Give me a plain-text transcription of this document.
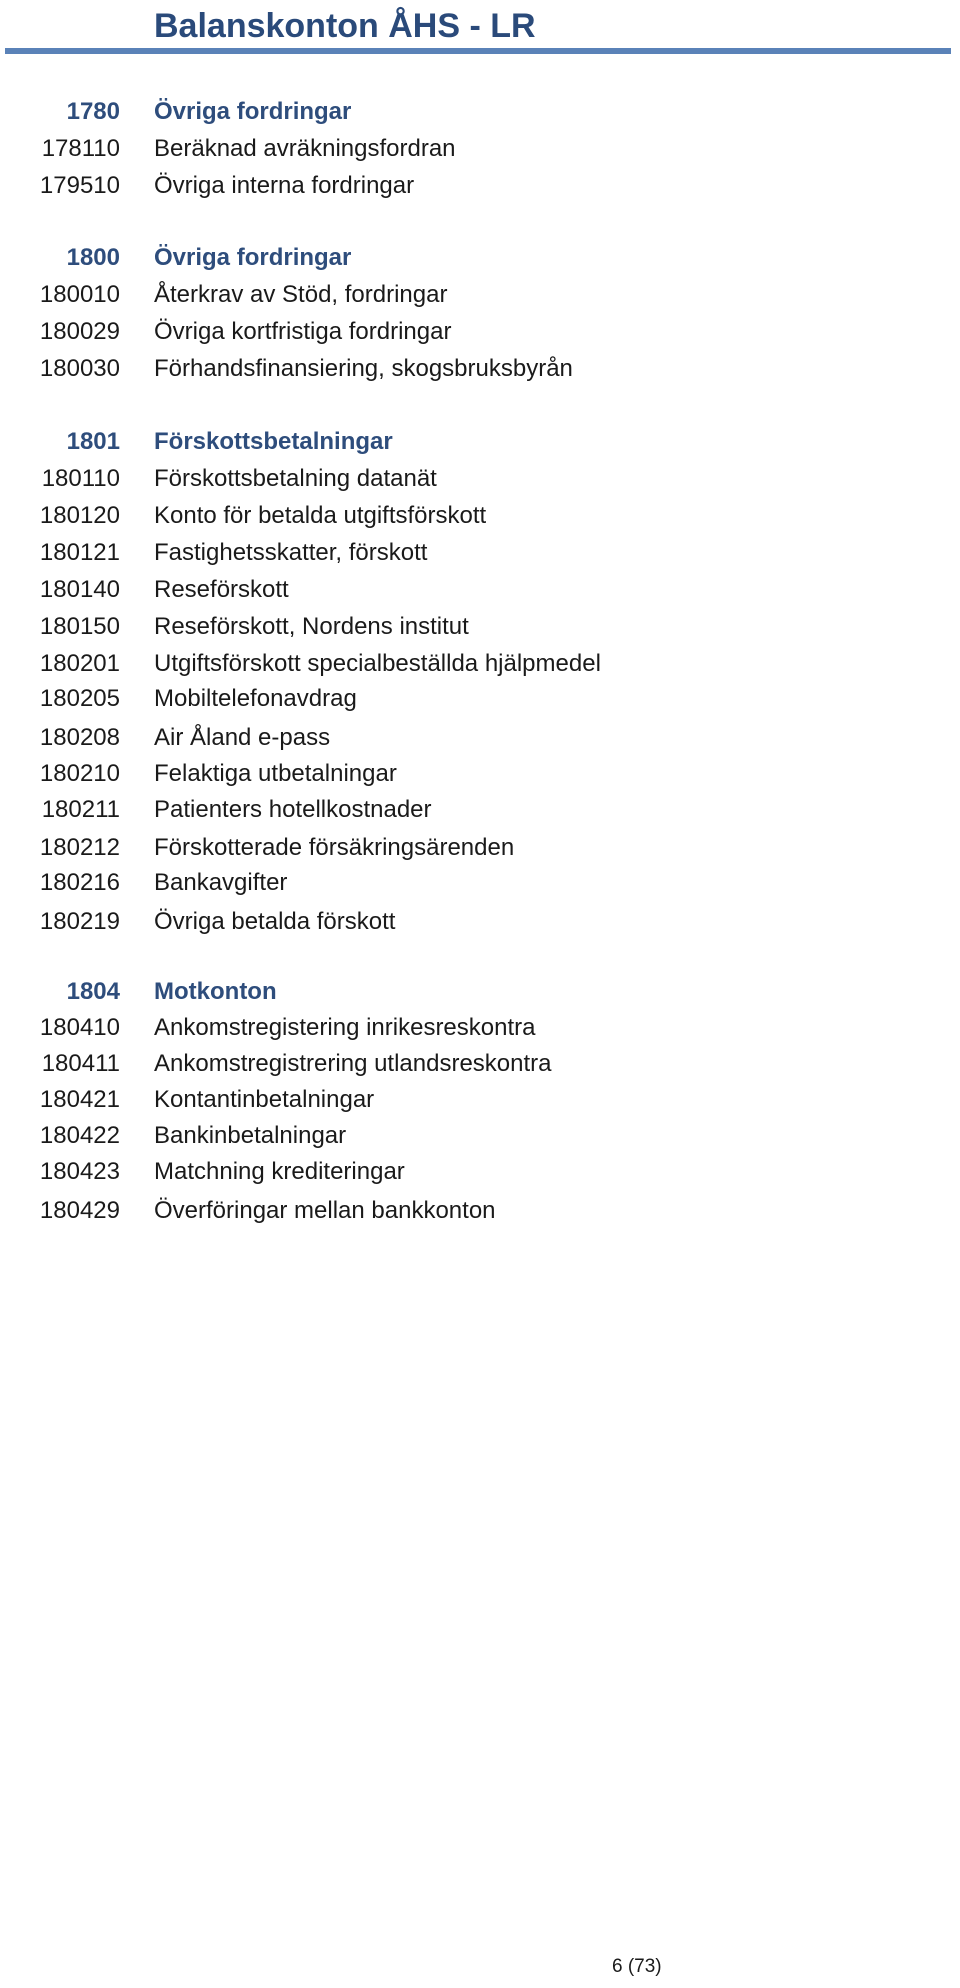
Balanskonton ÅHS - LR
1780 Övriga fordringar
178110 Beräknad avräkningsfordran
179510 Övriga interna fordringar
1800 Övriga fordringar
180010 Återkrav av Stöd, fordringar
180029 Övriga kortfristiga fordringar
180030 Förhandsfinansiering, skogsbruksbyrån
1801 Förskottsbetalningar
180110 Förskottsbetalning datanät
180120 Konto för betalda utgiftsförskott
180121 Fastighetsskatter, förskott
180140 Reseförskott
180150 Reseförskott, Nordens institut
180201 Utgiftsförskott specialbeställda hjälpmedel
180205 Mobiltelefonavdrag
180208 Air Åland e-pass
180210 Felaktiga utbetalningar
180211 Patienters hotellkostnader
180212 Förskotterade försäkringsärenden
180216 Bankavgifter
180219 Övriga betalda förskott
1804 Motkonton
180410 Ankomstregistering inrikesreskontra
180411 Ankomstregistrering utlandsreskontra
180421 Kontantinbetalningar
180422 Bankinbetalningar
180423 Matchning krediteringar
180429 Överföringar mellan bankkonton
6 (73)
